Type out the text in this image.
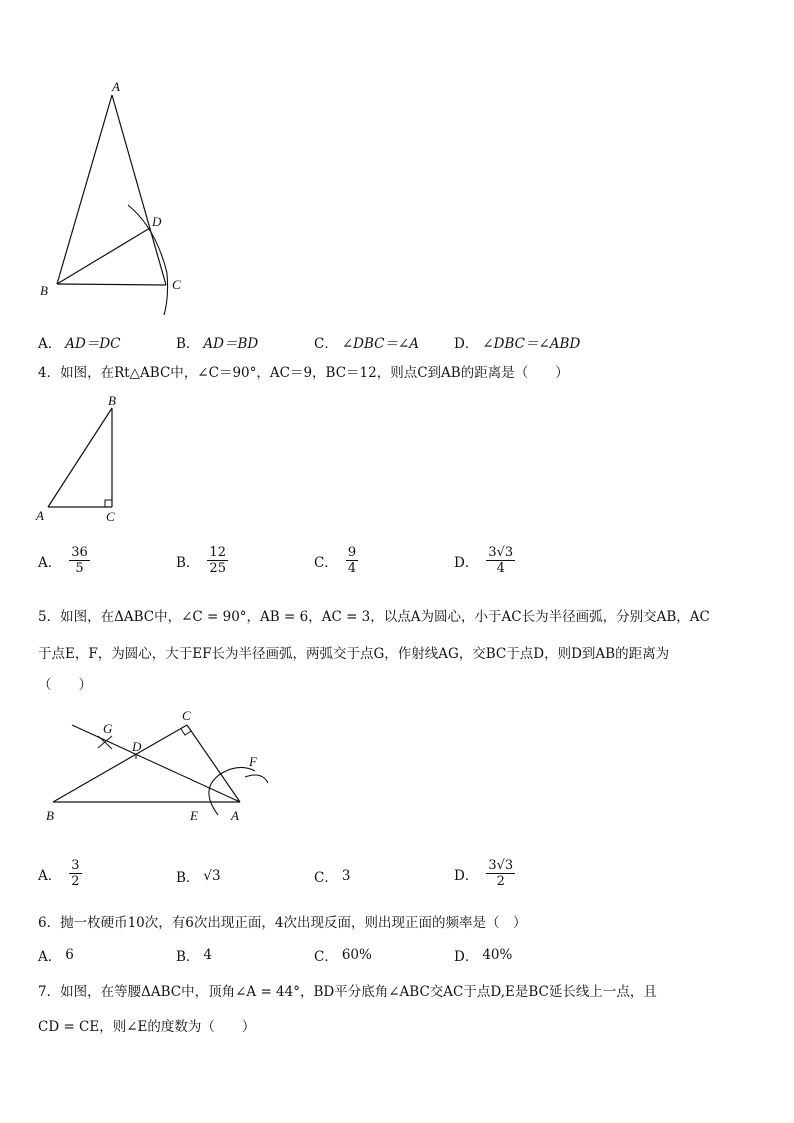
A
B	C
D
A． AD＝DC	B． AD＝BD	C． ∠DBC＝∠A	D． ∠DBC＝∠ABD
4．如图，在Rt△ABC中，∠C＝90°，AC＝9，BC＝12，则点C到AB的距离是（　　）
B
A	C
A． $\frac{36}{5}$	B． $\frac{12}{25}$	C． $\frac{9}{4}$	D． $\frac{3√3}{4}$
5．如图，在ΔABC中，∠C = 90°，AB = 6，AC = 3，以点A为圆心，小于AC长为半径画弧，分别交AB，AC
于点E，F，为圆心，大于EF长为半径画弧，两弧交于点G，作射线AG，交BC于点D，则D到AB的距离为
（　　）
C
G
D
F
B	E	A
A． $\frac{3}{2}$	B． √3	C． 3	D． $\frac{3√3}{2}$
6．抛一枚硬币10次，有6次出现正面，4次出现反面，则出现正面的频率是（　）
A． 6	B． 4	C． 60%	D． 40%
7．如图，在等腰ΔABC中，顶角∠A = 44°，BD平分底角∠ABC交AC于点D,E是BC延长线上一点，且
CD = CE，则∠E的度数为（　　）
